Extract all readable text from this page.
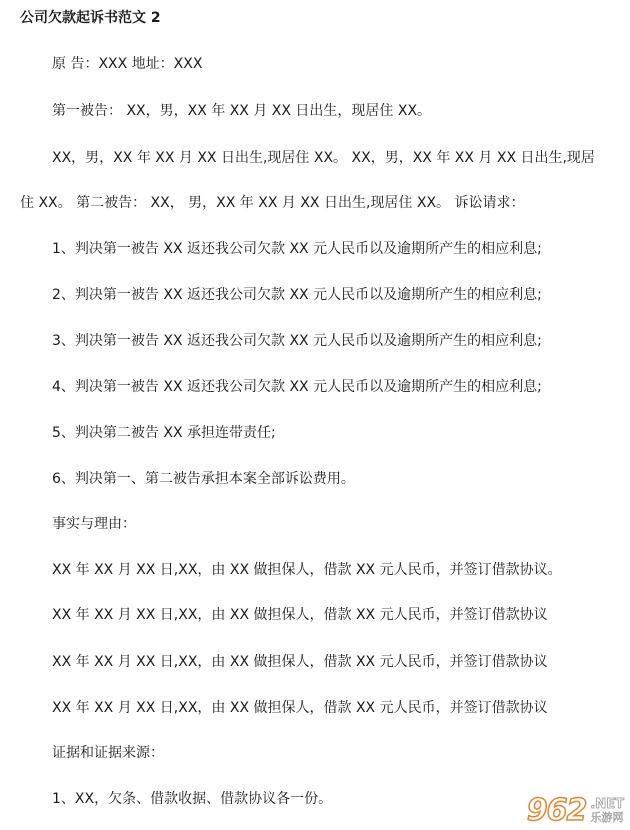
公司欠款起诉书范文 2
原 告：XXX 地址：XXX
第一被告： XX，男，XX 年 XX 月 XX 日出生，现居住 XX。
XX，男，XX 年 XX 月 XX 日出生,现居住 XX。 XX，男，XX 年 XX 月 XX 日出生,现居
住 XX。 第二被告： XX， 男，XX 年 XX 月 XX 日出生,现居住 XX。 诉讼请求：
1、判决第一被告 XX 返还我公司欠款 XX 元人民币以及逾期所产生的相应利息;
2、判决第一被告 XX 返还我公司欠款 XX 元人民币以及逾期所产生的相应利息;
3、判决第一被告 XX 返还我公司欠款 XX 元人民币以及逾期所产生的相应利息;
4、判决第一被告 XX 返还我公司欠款 XX 元人民币以及逾期所产生的相应利息;
5、判决第二被告 XX 承担连带责任;
6、判决第一、第二被告承担本案全部诉讼费用。
事实与理由：
XX 年 XX 月 XX 日,XX，由 XX 做担保人，借款 XX 元人民币，并签订借款协议。
XX 年 XX 月 XX 日,XX，由 XX 做担保人，借款 XX 元人民币，并签订借款协议
XX 年 XX 月 XX 日,XX，由 XX 做担保人，借款 XX 元人民币，并签订借款协议
XX 年 XX 月 XX 日,XX，由 XX 做担保人，借款 XX 元人民币，并签订借款协议
证据和证据来源：
1、XX，欠条、借款收据、借款协议各一份。	962 .NET
乐游网
